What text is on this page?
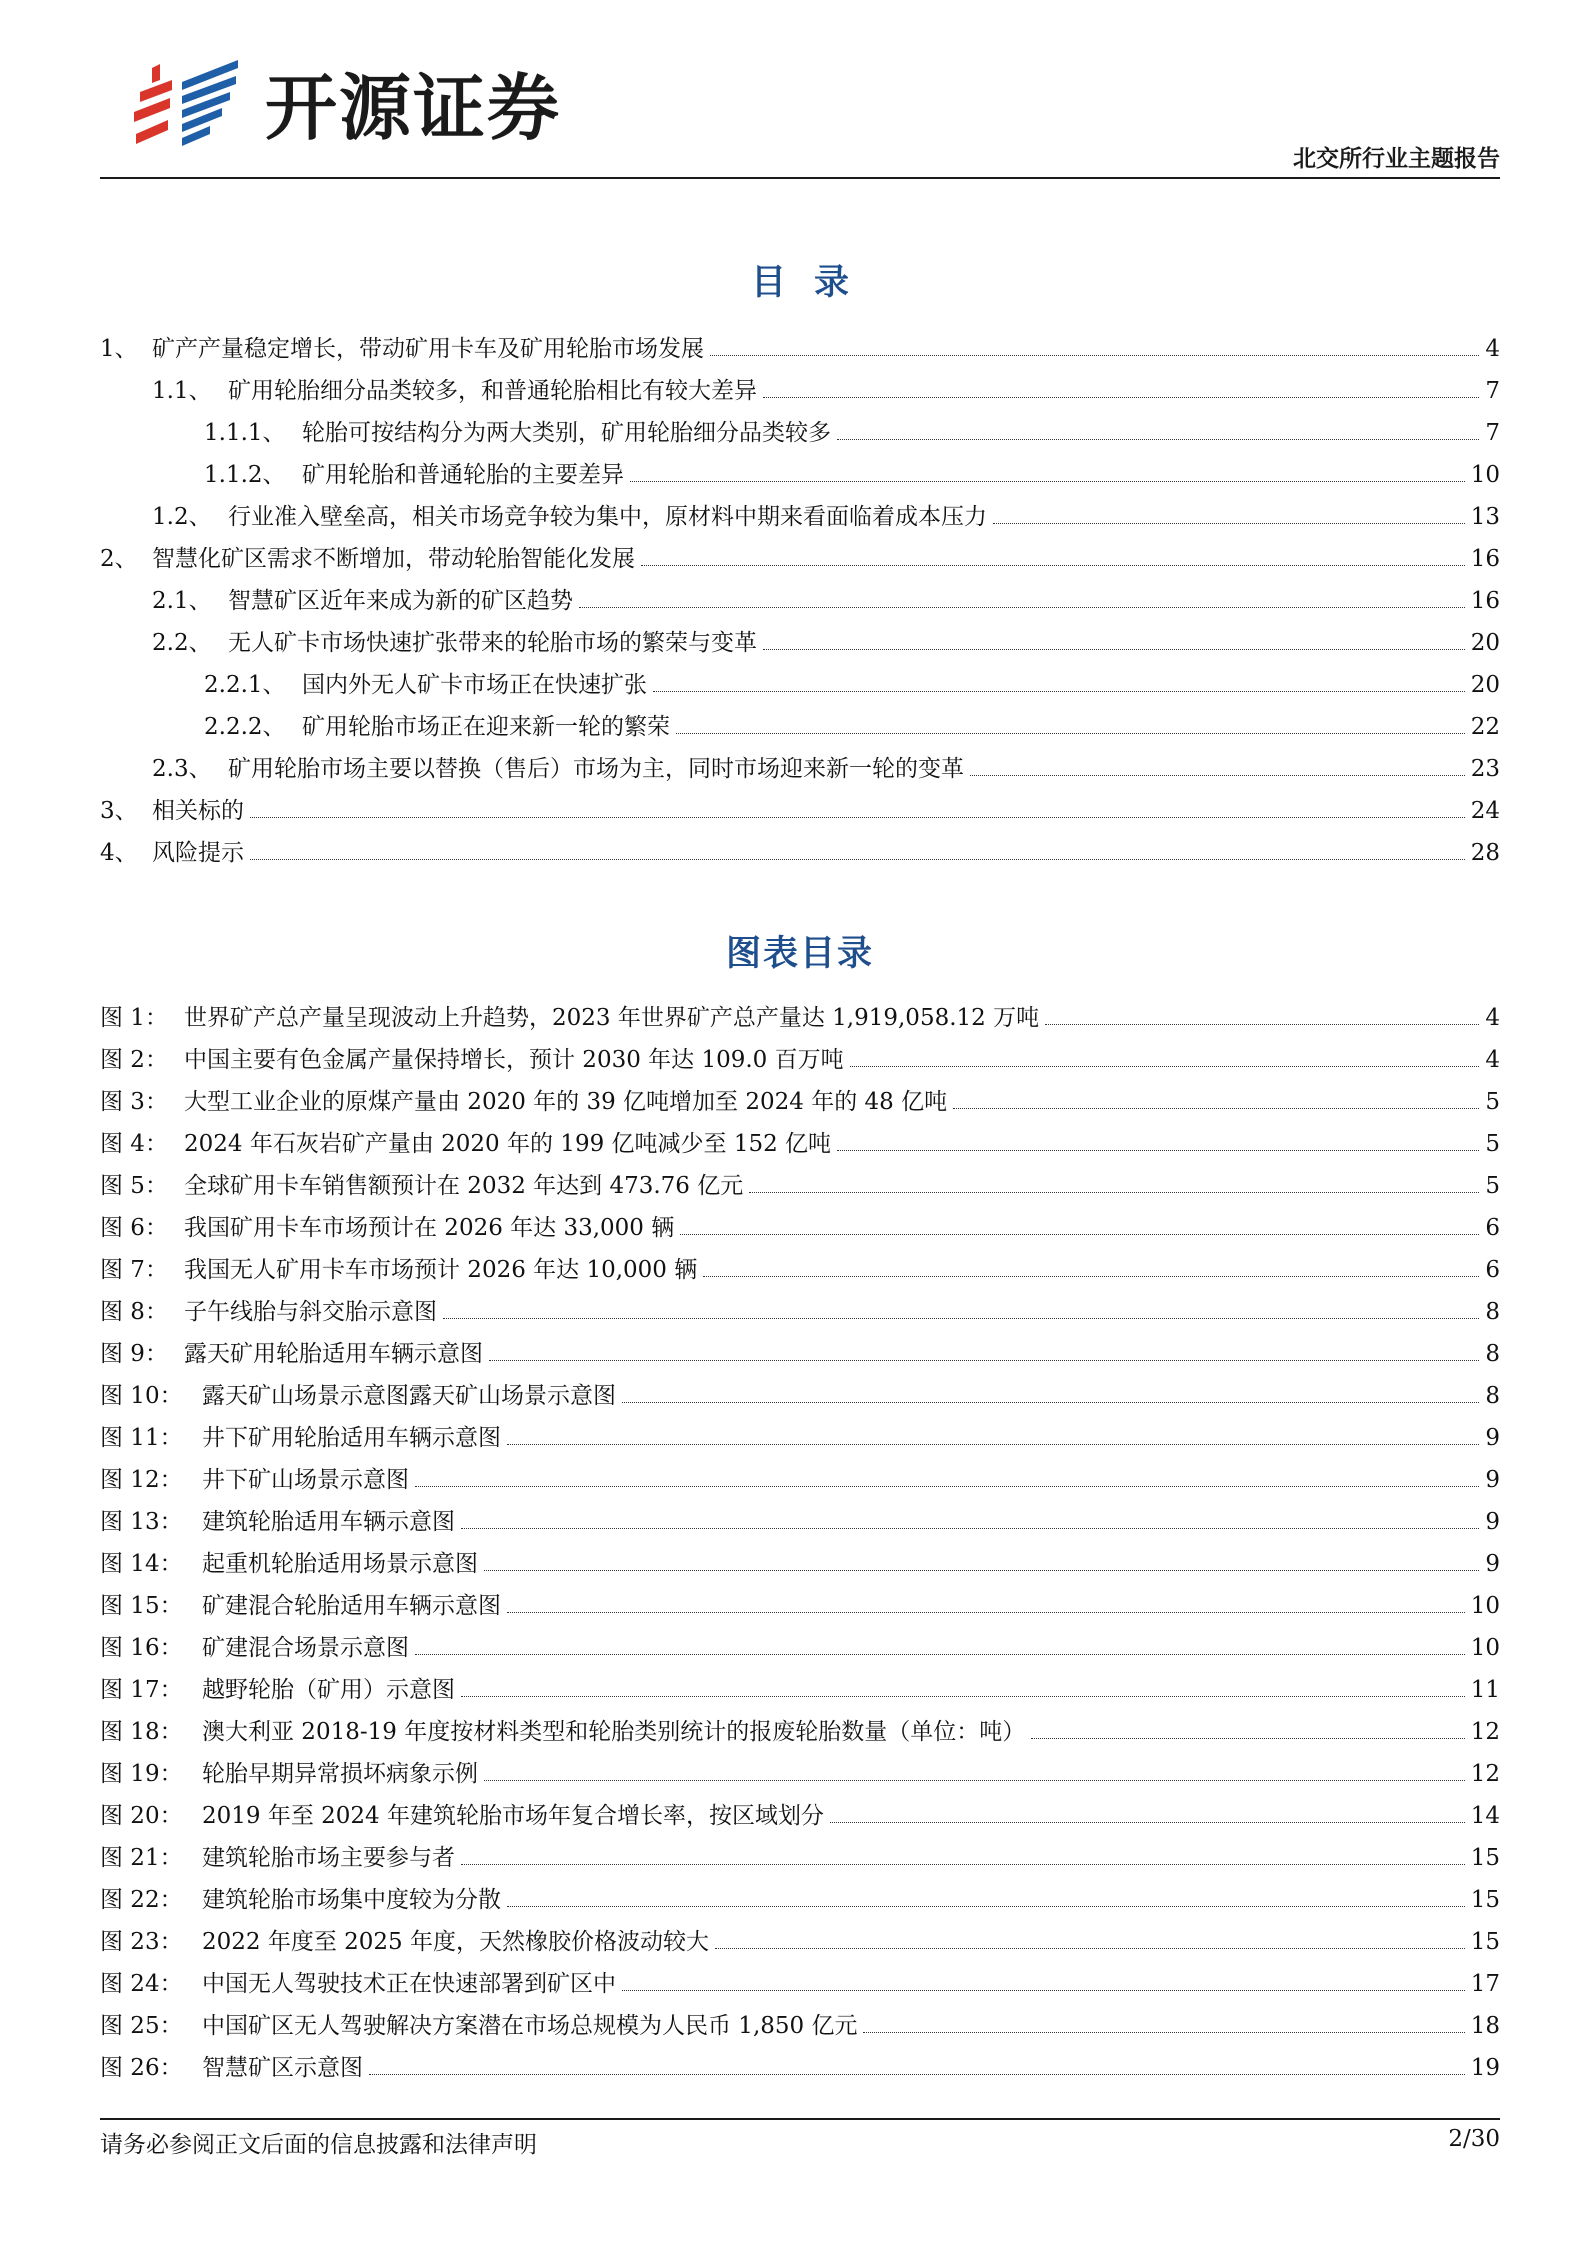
开源证券
北交所行业主题报告
目录
1、 矿产产量稳定增长，带动矿用卡车及矿用轮胎市场发展	4
1.1、 矿用轮胎细分品类较多，和普通轮胎相比有较大差异	7
1.1.1、 轮胎可按结构分为两大类别，矿用轮胎细分品类较多	7
1.1.2、 矿用轮胎和普通轮胎的主要差异	10
1.2、 行业准入壁垒高，相关市场竞争较为集中，原材料中期来看面临着成本压力	13
2、 智慧化矿区需求不断增加，带动轮胎智能化发展	16
2.1、 智慧矿区近年来成为新的矿区趋势	16
2.2、 无人矿卡市场快速扩张带来的轮胎市场的繁荣与变革	20
2.2.1、 国内外无人矿卡市场正在快速扩张	20
2.2.2、 矿用轮胎市场正在迎来新一轮的繁荣	22
2.3、 矿用轮胎市场主要以替换（售后）市场为主，同时市场迎来新一轮的变革	23
3、 相关标的	24
4、 风险提示	28
图表目录
图 1： 世界矿产总产量呈现波动上升趋势，2023 年世界矿产总产量达 1,919,058.12 万吨	4
图 2： 中国主要有色金属产量保持增长，预计 2030 年达 109.0 百万吨	4
图 3： 大型工业企业的原煤产量由 2020 年的 39 亿吨增加至 2024 年的 48 亿吨	5
图 4： 2024 年石灰岩矿产量由 2020 年的 199 亿吨减少至 152 亿吨	5
图 5： 全球矿用卡车销售额预计在 2032 年达到 473.76 亿元	5
图 6： 我国矿用卡车市场预计在 2026 年达 33,000 辆	6
图 7： 我国无人矿用卡车市场预计 2026 年达 10,000 辆	6
图 8： 子午线胎与斜交胎示意图	8
图 9： 露天矿用轮胎适用车辆示意图	8
图 10： 露天矿山场景示意图露天矿山场景示意图	8
图 11： 井下矿用轮胎适用车辆示意图	9
图 12： 井下矿山场景示意图	9
图 13： 建筑轮胎适用车辆示意图	9
图 14： 起重机轮胎适用场景示意图	9
图 15： 矿建混合轮胎适用车辆示意图	10
图 16： 矿建混合场景示意图	10
图 17： 越野轮胎（矿用）示意图	11
图 18： 澳大利亚 2018-19 年度按材料类型和轮胎类别统计的报废轮胎数量（单位：吨）	12
图 19： 轮胎早期异常损坏病象示例	12
图 20： 2019 年至 2024 年建筑轮胎市场年复合增长率，按区域划分	14
图 21： 建筑轮胎市场主要参与者	15
图 22： 建筑轮胎市场集中度较为分散	15
图 23： 2022 年度至 2025 年度，天然橡胶价格波动较大	15
图 24： 中国无人驾驶技术正在快速部署到矿区中	17
图 25： 中国矿区无人驾驶解决方案潜在市场总规模为人民币 1,850 亿元	18
图 26： 智慧矿区示意图	19
请务必参阅正文后面的信息披露和法律声明	2/30
